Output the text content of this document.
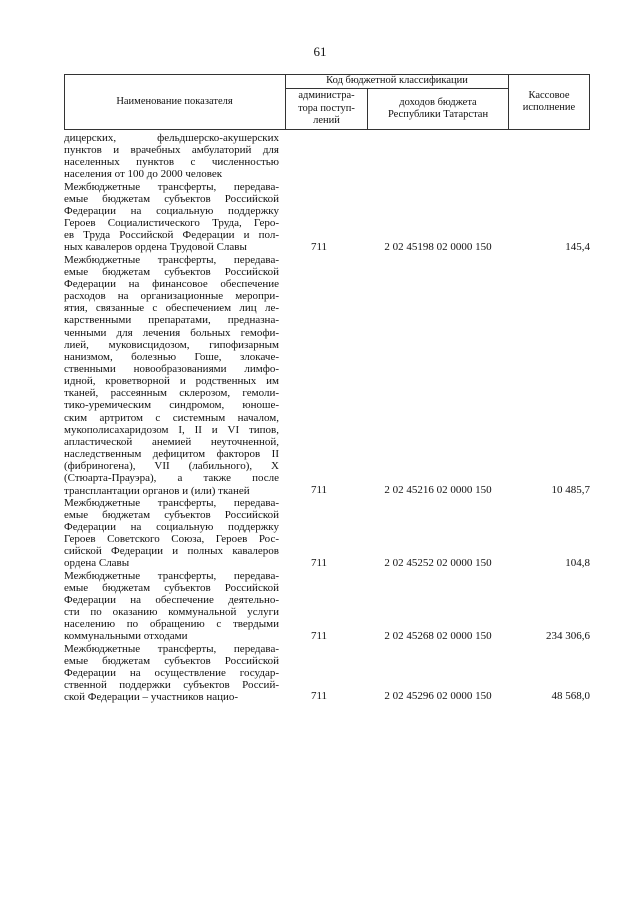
61
Наименование показателя
Код бюджетной классификации
администра-
тора поступ-
лений
доходов бюджета
Республики Татарстан
Кассовое
исполнение
дицерских, фельдшерско-акушерских
пунктов и врачебных амбулаторий для
населенных пунктов с численностью
населения от 100 до 2000 человек
Межбюджетные трансферты, передава-
емые бюджетам субъектов Российской
Федерации на социальную поддержку
Героев Социалистического Труда, Геро-
ев Труда Российской Федерации и пол-
ных кавалеров ордена Трудовой Славы	711	2 02 45198 02 0000 150	145,4
Межбюджетные трансферты, передава-
емые бюджетам субъектов Российской
Федерации на финансовое обеспечение
расходов на организационные меропри-
ятия, связанные с обеспечением лиц ле-
карственными препаратами, предназна-
ченными для лечения больных гемофи-
лией, муковисцидозом, гипофизарным
нанизмом, болезнью Гоше, злокаче-
ственными новообразованиями лимфо-
идной, кроветворной и родственных им
тканей, рассеянным склерозом, гемоли-
тико-уремическим синдромом, юноше-
ским артритом с системным началом,
мукополисахаридозом I, II и VI типов,
апластической анемией неуточненной,
наследственным дефицитом факторов II
(фибриногена), VII (лабильного), X
(Стюарта-Прауэра), а также после
трансплантации органов и (или) тканей	711	2 02 45216 02 0000 150	10 485,7
Межбюджетные трансферты, передава-
емые бюджетам субъектов Российской
Федерации на социальную поддержку
Героев Советского Союза, Героев Рос-
сийской Федерации и полных кавалеров
ордена Славы	711	2 02 45252 02 0000 150	104,8
Межбюджетные трансферты, передава-
емые бюджетам субъектов Российской
Федерации на обеспечение деятельно-
сти по оказанию коммунальной услуги
населению по обращению с твердыми
коммунальными отходами	711	2 02 45268 02 0000 150	234 306,6
Межбюджетные трансферты, передава-
емые бюджетам субъектов Российской
Федерации на осуществление государ-
ственной поддержки субъектов Россий-
ской Федерации – участников нацио-	711	2 02 45296 02 0000 150	48 568,0
